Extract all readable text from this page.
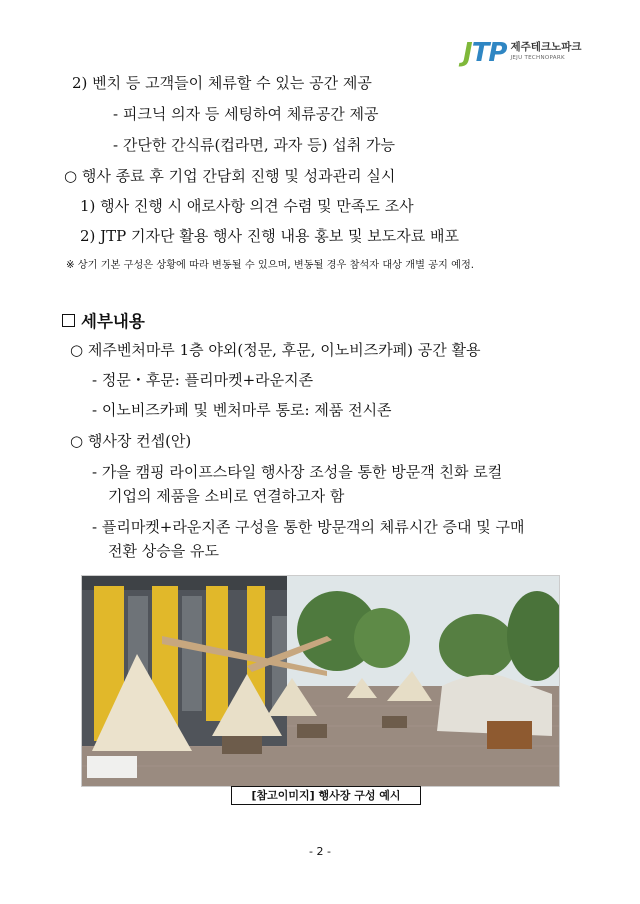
JTP 제주테크노파크
JEJU TECHNOPARK
2) 벤치 등 고객들이 체류할 수 있는 공간 제공
- 피크닉 의자 등 세팅하여 체류공간 제공
- 간단한 간식류(컵라면, 과자 등) 섭취 가능
○ 행사 종료 후 기업 간담회 진행 및 성과관리 실시
1) 행사 진행 시 애로사항 의견 수렴 및 만족도 조사
2) JTP 기자단 활용 행사 진행 내용 홍보 및 보도자료 배포
※ 상기 기본 구성은 상황에 따라 변동될 수 있으며, 변동될 경우 참석자 대상 개별 공지 예정.
세부내용
○ 제주벤처마루 1층 야외(정문, 후문, 이노비즈카페) 공간 활용
- 정문・후문: 플리마켓+라운지존
- 이노비즈카페 및 벤처마루 통로: 제품 전시존
○ 행사장 컨셉(안)
- 가을 캠핑 라이프스타일 행사장 조성을 통한 방문객 친화 로컬
기업의 제품을 소비로 연결하고자 함
- 플리마켓+라운지존 구성을 통한 방문객의 체류시간 증대 및 구매
전환 상승을 유도
[참고이미지] 행사장 구성 예시
- 2 -
